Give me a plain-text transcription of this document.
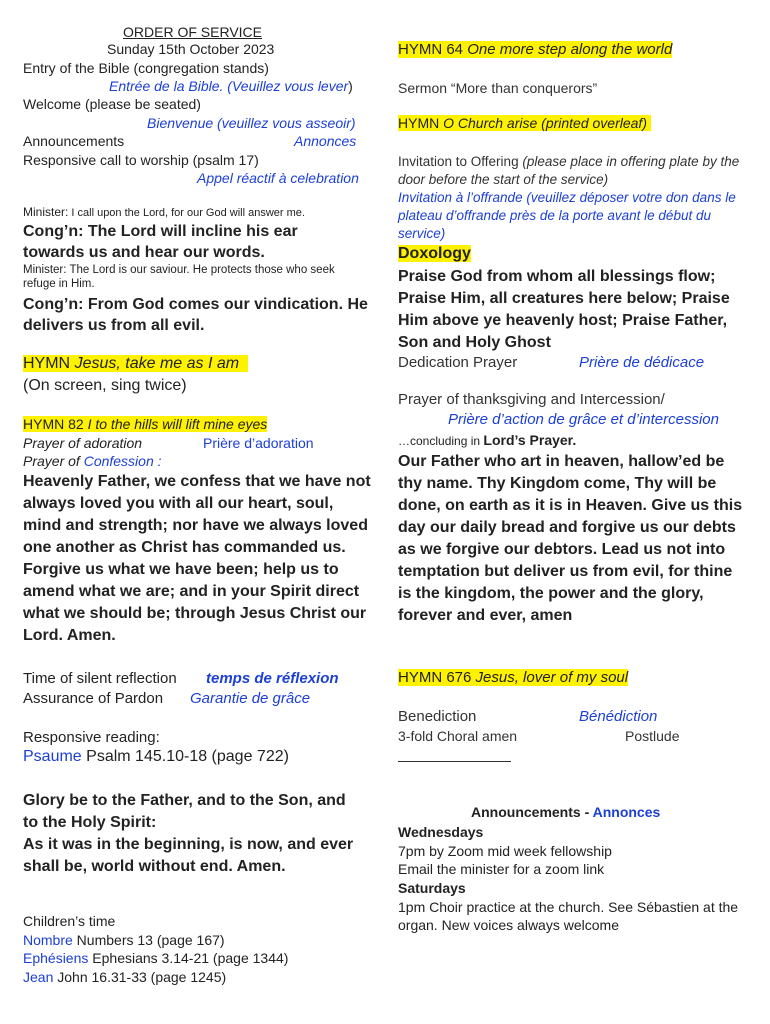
ORDER OF SERVICE
Sunday 15th October 2023
Entry of the Bible (congregation stands)
Entrée de la Bible. (Veuillez vous lever)
Welcome (please be seated)
Bienvenue (veuillez vous asseoir)
Announcements	Annonces
Responsive call to worship (psalm 17)
Appel réactif à celebration
Minister: I call upon the Lord, for our God will answer me.
Cong’n: The Lord will incline his ear towards us and hear our words.
Minister: The Lord is our saviour. He protects those who seek refuge in Him.
Cong’n: From God comes our vindication. He delivers us from all evil.
HYMN Jesus, take me as I am
(On screen, sing twice)
HYMN 82 I to the hills will lift mine eyes
Prayer of adoration	Prière d’adoration
Prayer of Confession :
Heavenly Father, we confess that we have not always loved you with all our heart, soul, mind and strength; nor have we always loved one another as Christ has commanded us. Forgive us what we have been; help us to amend what we are; and in your Spirit direct what we should be; through Jesus Christ our Lord. Amen.
Time of silent reflection temps de réflexion
Assurance of Pardon Garantie de grâce
Responsive reading:
Psaume Psalm 145.10-18 (page 722)
Glory be to the Father, and to the Son, and to the Holy Spirit:
As it was in the beginning, is now, and ever shall be, world without end. Amen.
Children’s time
Nombre Numbers 13 (page 167)
Ephésiens Ephesians 3.14-21 (page 1344)
Jean John 16.31-33 (page 1245)
HYMN 64 One more step along the world
Sermon “More than conquerors”
HYMN O Church arise (printed overleaf)
Invitation to Offering (please place in offering plate by the door before the start of the service)
Invitation à l’offrande (veuillez déposer votre don dans le plateau d’offrande près de la porte avant le début du service)
Doxology
Praise God from whom all blessings flow; Praise Him, all creatures here below; Praise Him above ye heavenly host; Praise Father, Son and Holy Ghost
Dedication Prayer	Prière de dédicace
Prayer of thanksgiving and Intercession/
Prière d’action de grâce et d’intercession
…concluding in Lord’s Prayer.
Our Father who art in heaven, hallow’ed be thy name. Thy Kingdom come, Thy will be done, on earth as it is in Heaven. Give us this day our daily bread and forgive us our debts as we forgive our debtors. Lead us not into temptation but deliver us from evil, for thine is the kingdom, the power and the glory, forever and ever, amen
HYMN 676 Jesus, lover of my soul
Benediction	Bénédiction
3-fold Choral amen	Postlude
Announcements - Annonces
Wednesdays
7pm by Zoom mid week fellowship
Email the minister for a zoom link
Saturdays
1pm Choir practice at the church. See Sébastien at the organ. New voices always welcome
